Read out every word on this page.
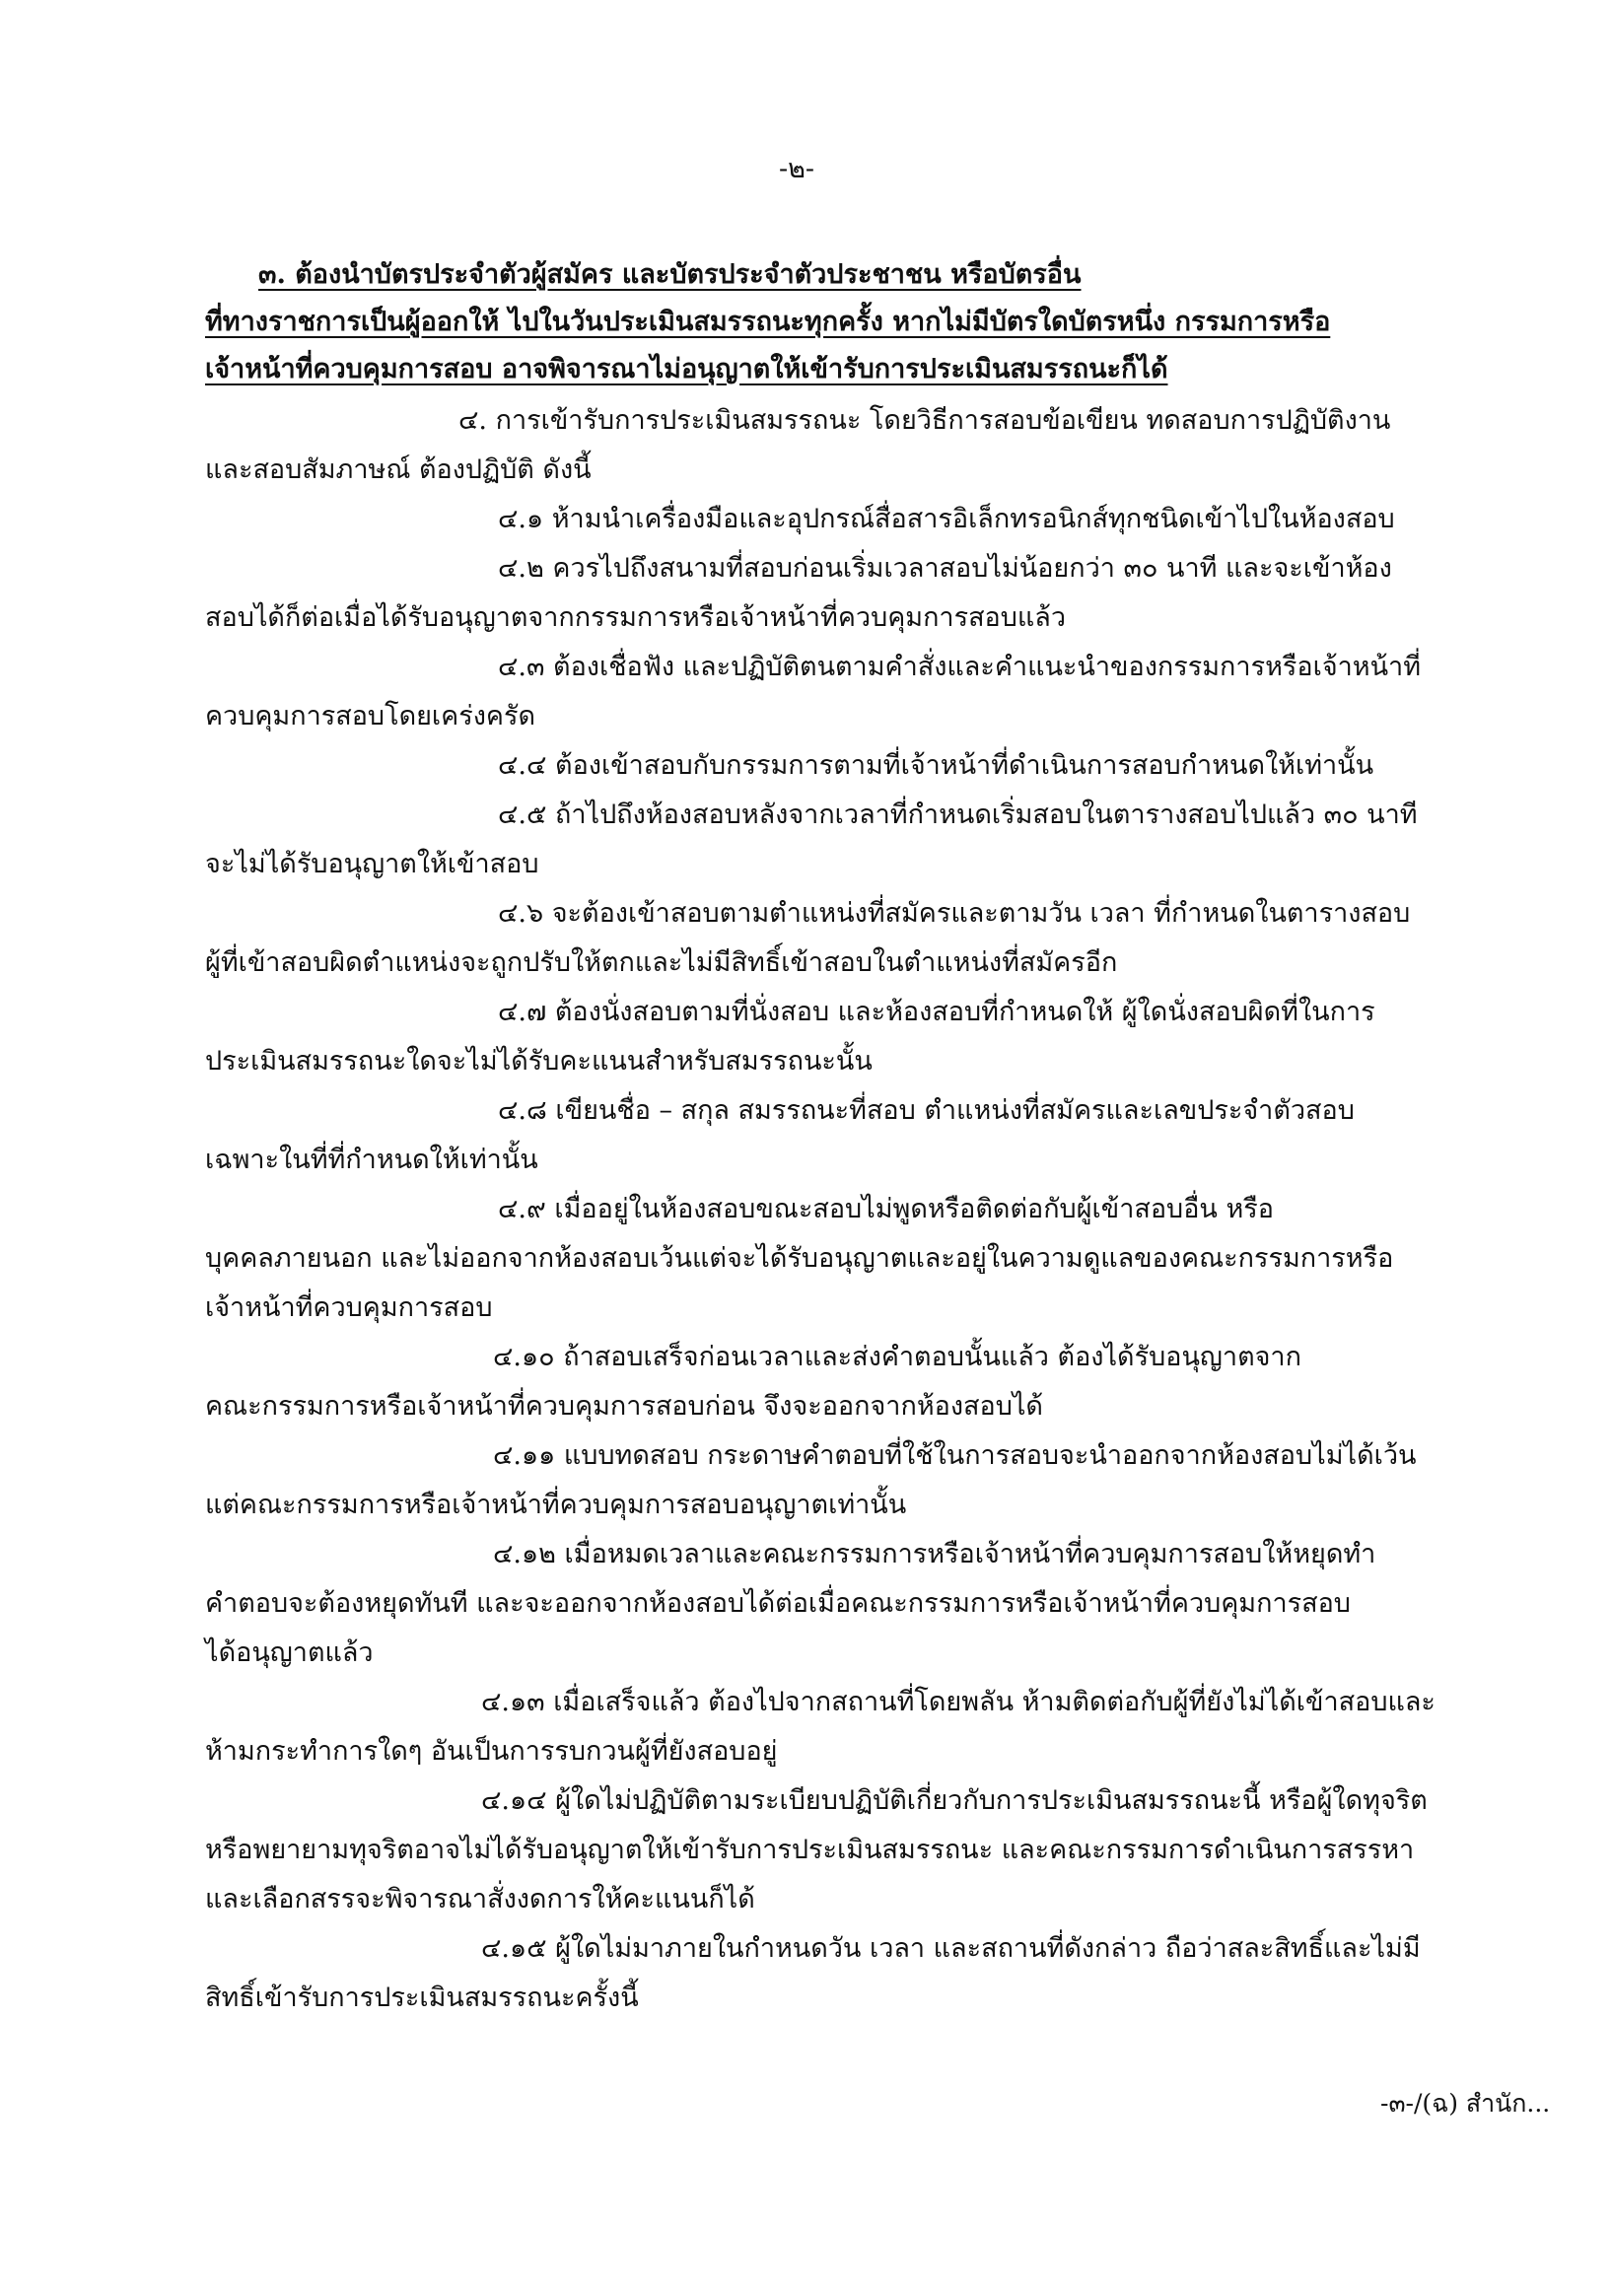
-๒-
๓. ต้องนำบัตรประจำตัวผู้สมัคร และบัตรประจำตัวประชาชน หรือบัตรอื่น
ที่ทางราชการเป็นผู้ออกให้ ไปในวันประเมินสมรรถนะทุกครั้ง หากไม่มีบัตรใดบัตรหนึ่ง กรรมการหรือ
เจ้าหน้าที่ควบคุมการสอบ อาจพิจารณาไม่อนุญาตให้เข้ารับการประเมินสมรรถนะก็ได้
๔. การเข้ารับการประเมินสมรรถนะ โดยวิธีการสอบข้อเขียน ทดสอบการปฏิบัติงาน
และสอบสัมภาษณ์ ต้องปฏิบัติ ดังนี้
๔.๑ ห้ามนำเครื่องมือและอุปกรณ์สื่อสารอิเล็กทรอนิกส์ทุกชนิดเข้าไปในห้องสอบ
๔.๒ ควรไปถึงสนามที่สอบก่อนเริ่มเวลาสอบไม่น้อยกว่า ๓๐ นาที และจะเข้าห้อง
สอบได้ก็ต่อเมื่อได้รับอนุญาตจากกรรมการหรือเจ้าหน้าที่ควบคุมการสอบแล้ว
๔.๓ ต้องเชื่อฟัง และปฏิบัติตนตามคำสั่งและคำแนะนำของกรรมการหรือเจ้าหน้าที่
ควบคุมการสอบโดยเคร่งครัด
๔.๔ ต้องเข้าสอบกับกรรมการตามที่เจ้าหน้าที่ดำเนินการสอบกำหนดให้เท่านั้น
๔.๕ ถ้าไปถึงห้องสอบหลังจากเวลาที่กำหนดเริ่มสอบในตารางสอบไปแล้ว ๓๐ นาที
จะไม่ได้รับอนุญาตให้เข้าสอบ
๔.๖ จะต้องเข้าสอบตามตำแหน่งที่สมัครและตามวัน เวลา ที่กำหนดในตารางสอบ
ผู้ที่เข้าสอบผิดตำแหน่งจะถูกปรับให้ตกและไม่มีสิทธิ์เข้าสอบในตำแหน่งที่สมัครอีก
๔.๗ ต้องนั่งสอบตามที่นั่งสอบ และห้องสอบที่กำหนดให้ ผู้ใดนั่งสอบผิดที่ในการ
ประเมินสมรรถนะใดจะไม่ได้รับคะแนนสำหรับสมรรถนะนั้น
๔.๘ เขียนชื่อ – สกุล สมรรถนะที่สอบ ตำแหน่งที่สมัครและเลขประจำตัวสอบ
เฉพาะในที่ที่กำหนดให้เท่านั้น
๔.๙ เมื่ออยู่ในห้องสอบขณะสอบไม่พูดหรือติดต่อกับผู้เข้าสอบอื่น หรือ
บุคคลภายนอก และไม่ออกจากห้องสอบเว้นแต่จะได้รับอนุญาตและอยู่ในความดูแลของคณะกรรมการหรือ
เจ้าหน้าที่ควบคุมการสอบ
๔.๑๐ ถ้าสอบเสร็จก่อนเวลาและส่งคำตอบนั้นแล้ว ต้องได้รับอนุญาตจาก
คณะกรรมการหรือเจ้าหน้าที่ควบคุมการสอบก่อน จึงจะออกจากห้องสอบได้
๔.๑๑ แบบทดสอบ กระดาษคำตอบที่ใช้ในการสอบจะนำออกจากห้องสอบไม่ได้เว้น
แต่คณะกรรมการหรือเจ้าหน้าที่ควบคุมการสอบอนุญาตเท่านั้น
๔.๑๒ เมื่อหมดเวลาและคณะกรรมการหรือเจ้าหน้าที่ควบคุมการสอบให้หยุดทำ
คำตอบจะต้องหยุดทันที และจะออกจากห้องสอบได้ต่อเมื่อคณะกรรมการหรือเจ้าหน้าที่ควบคุมการสอบ
ได้อนุญาตแล้ว
๔.๑๓ เมื่อเสร็จแล้ว ต้องไปจากสถานที่โดยพลัน ห้ามติดต่อกับผู้ที่ยังไม่ได้เข้าสอบและ
ห้ามกระทำการใดๆ อันเป็นการรบกวนผู้ที่ยังสอบอยู่
๔.๑๔ ผู้ใดไม่ปฏิบัติตามระเบียบปฏิบัติเกี่ยวกับการประเมินสมรรถนะนี้ หรือผู้ใดทุจริต
หรือพยายามทุจริตอาจไม่ได้รับอนุญาตให้เข้ารับการประเมินสมรรถนะ และคณะกรรมการดำเนินการสรรหา
และเลือกสรรจะพิจารณาสั่งงดการให้คะแนนก็ได้
๔.๑๕ ผู้ใดไม่มาภายในกำหนดวัน เวลา และสถานที่ดังกล่าว ถือว่าสละสิทธิ์และไม่มี
สิทธิ์เข้ารับการประเมินสมรรถนะครั้งนี้
-๓-/(ฉ) สำนัก...
